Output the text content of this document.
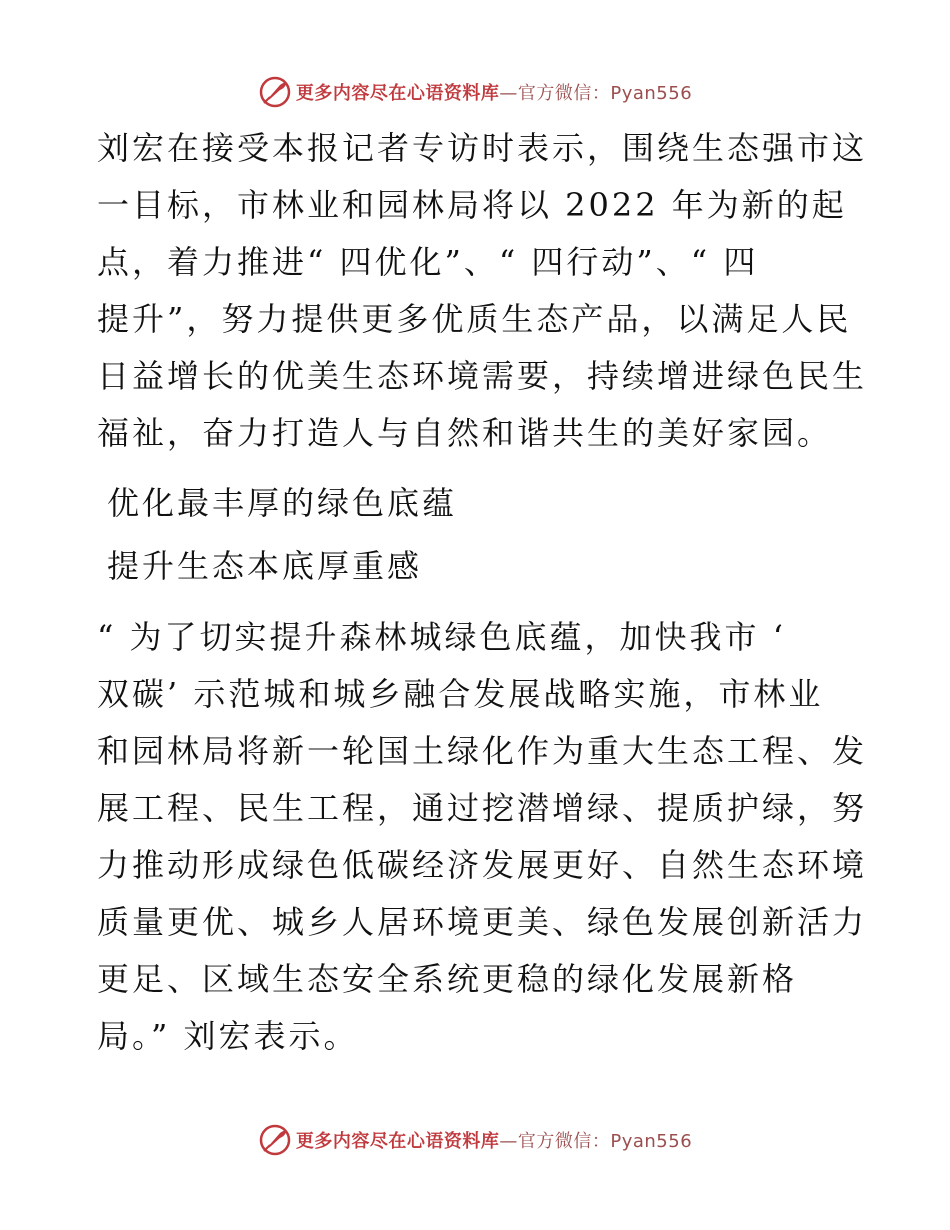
更多内容尽在心语资料库—官方微信：Pyan556

刘宏在接受本报记者专访时表示，围绕生态强市这

一目标，市林业和园林局将以 2022 年为新的起

点，着力推进“ 四优化”、“ 四行动”、“ 四

提升”，努力提供更多优质生态产品，以满足人民

日益增长的优美生态环境需要，持续增进绿色民生

福祉，奋力打造人与自然和谐共生的美好家园。

优化最丰厚的绿色底蕴

提升生态本底厚重感

“ 为了切实提升森林城绿色底蕴，加快我市 ‘

双碳’ 示范城和城乡融合发展战略实施，市林业

和园林局将新一轮国土绿化作为重大生态工程、发

展工程、民生工程，通过挖潜增绿、提质护绿，努

力推动形成绿色低碳经济发展更好、自然生态环境

质量更优、城乡人居环境更美、绿色发展创新活力

更足、区域生态安全系统更稳的绿化发展新格

局。” 刘宏表示。

更多内容尽在心语资料库—官方微信：Pyan556
